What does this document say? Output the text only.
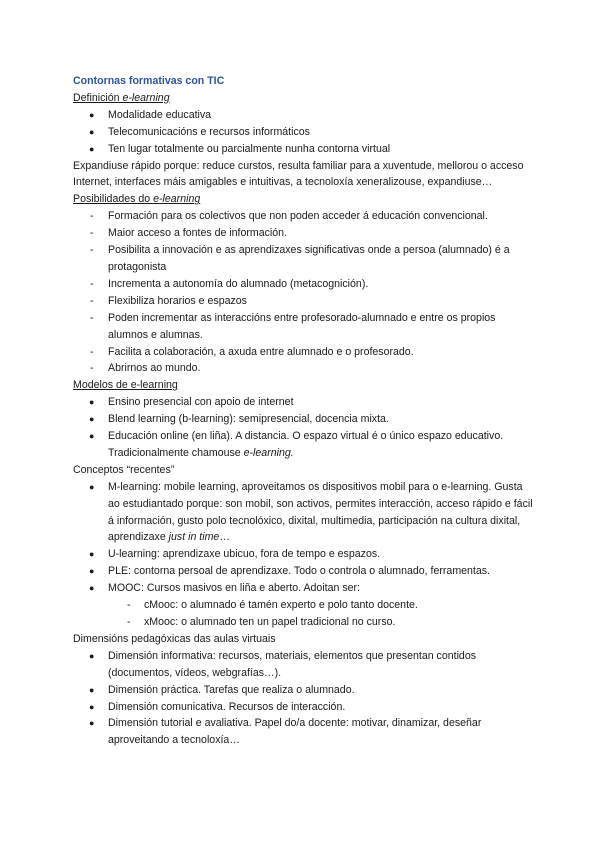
Contornas formativas con TIC
Definición e-learning
● Modalidade educativa
● Telecomunicacións e recursos informáticos
● Ten lugar totalmente ou parcialmente nunha contorna virtual

Expandiuse rápido porque: reduce curstos, resulta familiar para a xuventude, mellorou o acceso Internet, interfaces máis amigables e intuitivas, a tecnoloxía xeneralizouse, expandiuse…

Posibilidades do e-learning
- Formación para os colectivos que non poden acceder á educación convencional.
- Maior acceso a fontes de información.
- Posibilita a innovación e as aprendizaxes significativas onde a persoa (alumnado) é a protagonista
- Incrementa a autonomía do alumnado (metacognición).
- Flexibiliza horarios e espazos
- Poden incrementar as interaccións entre profesorado-alumnado e entre os propios alumnos e alumnas.
- Facilita a colaboración, a axuda entre alumnado e o profesorado.
- Abrirnos ao mundo.
Modelos de e-learning
● Ensino presencial con apoio de internet
● Blend learning (b-learning): semipresencial, docencia mixta.
● Educación online (en liña). A distancia. O espazo virtual é o único espazo educativo. Tradicionalmente chamouse e-learning.
Conceptos “recentes”
● M-learning: mobile learning, aproveitamos os dispositivos mobil para o e-learning. Gusta ao estudiantado porque: son mobil, son activos, permites interacción, acceso rápido e fácil á información, gusto polo tecnolóxico, dixital, multimedia, participación na cultura dixital, aprendizaxe just in time…
● U-learning: aprendizaxe ubicuo, fora de tempo e espazos.
● PLE: contorna persoal de aprendizaxe. Todo o controla o alumnado, ferramentas.
● MOOC: Cursos masivos en liña e aberto. Adoitan ser:
- cMooc: o alumnado é tamén experto e polo tanto docente.
- xMooc: o alumnado ten un papel tradicional no curso.
Dimensións pedagóxicas das aulas virtuais
● Dimensión informativa: recursos, materiais, elementos que presentan contidos (documentos, vídeos, webgrafías…).
● Dimensión práctica. Tarefas que realiza o alumnado.
● Dimensión comunicativa. Recursos de interacción.
● Dimensión tutorial e avaliativa. Papel do/a docente: motivar, dinamizar, deseñar aproveitando a tecnoloxía…
